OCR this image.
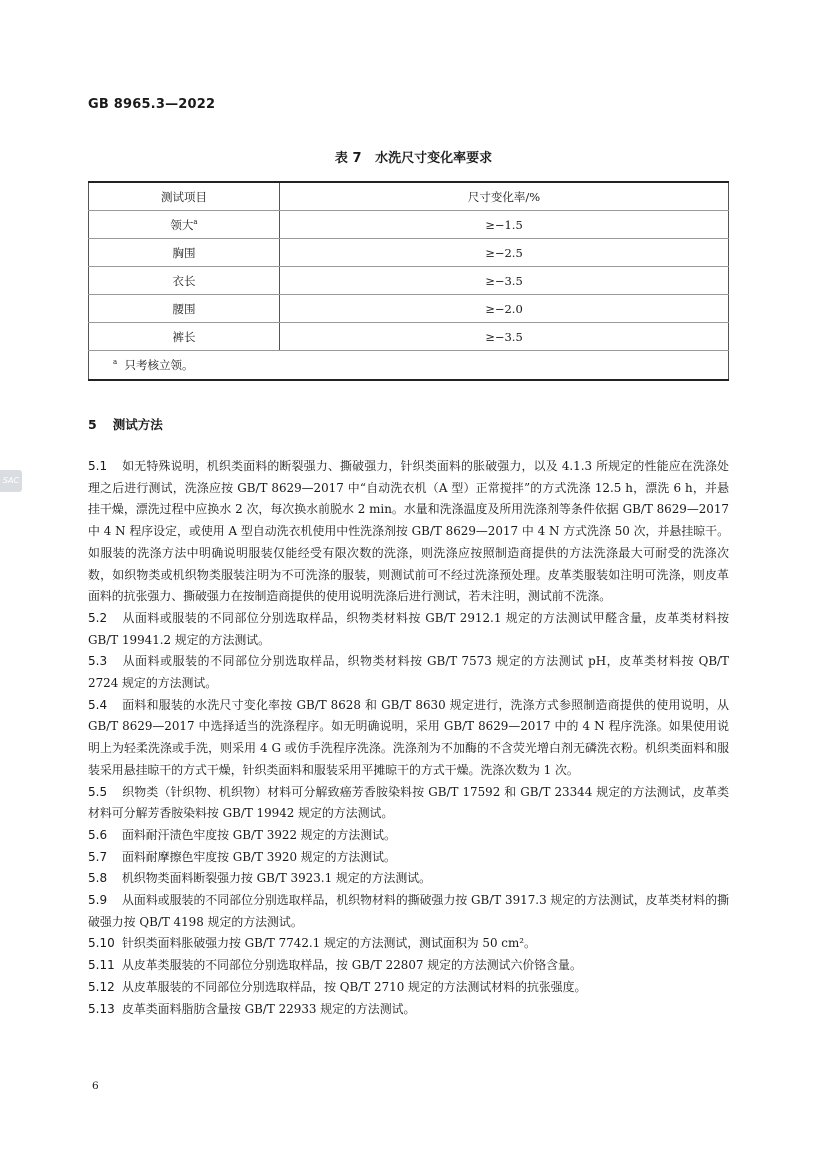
GB 8965.3—2022
表 7   水洗尺寸变化率要求
测试项目	尺寸变化率/%
领大$^a$	≥−1.5
胸围	≥−2.5
衣长	≥−3.5
腰围	≥−2.0
裤长	≥−3.5
$^a$ 只考核立领。	
5 测试方法
SAC

5.1 如无特殊说明，机织类面料的断裂强力、撕破强力，针织类面料的胀破强力，以及 4.1.3 所规定的性能应在洗涤处理之后进行测试，洗涤应按 GB/T 8629—2017 中“自动洗衣机（A 型）正常搅拌”的方式洗涤 12.5 h，漂洗 6 h，并悬挂干燥，漂洗过程中应换水 2 次，每次换水前脱水 2 min。水量和洗涤温度及所用洗涤剂等条件依据 GB/T 8629—2017 中 4 N 程序设定，或使用 A 型自动洗衣机使用中性洗涤剂按 GB/T 8629—2017 中 4 N 方式洗涤 50 次，并悬挂晾干。如服装的洗涤方法中明确说明服装仅能经受有限次数的洗涤，则洗涤应按照制造商提供的方法洗涤最大可耐受的洗涤次数，如织物类或机织物类服装注明为不可洗涤的服装，则测试前可不经过洗涤预处理。皮革类服装如注明可洗涤，则皮革面料的抗张强力、撕破强力在按制造商提供的使用说明洗涤后进行测试，若未注明，测试前不洗涤。

5.2 从面料或服装的不同部位分别选取样品，织物类材料按 GB/T 2912.1 规定的方法测试甲醛含量，皮革类材料按 GB/T 19941.2 规定的方法测试。

5.3 从面料或服装的不同部位分别选取样品，织物类材料按 GB/T 7573 规定的方法测试 pH，皮革类材料按 QB/T 2724 规定的方法测试。

5.4 面料和服装的水洗尺寸变化率按 GB/T 8628 和 GB/T 8630 规定进行，洗涤方式参照制造商提供的使用说明，从 GB/T 8629—2017 中选择适当的洗涤程序。如无明确说明，采用 GB/T 8629—2017 中的 4 N 程序洗涤。如果使用说明上为轻柔洗涤或手洗，则采用 4 G 或仿手洗程序洗涤。洗涤剂为不加酶的不含荧光增白剂无磷洗衣粉。机织类面料和服装采用悬挂晾干的方式干燥，针织类面料和服装采用平摊晾干的方式干燥。洗涤次数为 1 次。

5.5 织物类（针织物、机织物）材料可分解致癌芳香胺染料按 GB/T 17592 和 GB/T 23344 规定的方法测试，皮革类材料可分解芳香胺染料按 GB/T 19942 规定的方法测试。

5.6 面料耐汗渍色牢度按 GB/T 3922 规定的方法测试。

5.7 面料耐摩擦色牢度按 GB/T 3920 规定的方法测试。

5.8 机织物类面料断裂强力按 GB/T 3923.1 规定的方法测试。

5.9 从面料或服装的不同部位分别选取样品，机织物材料的撕破强力按 GB/T 3917.3 规定的方法测试，皮革类材料的撕破强力按 QB/T 4198 规定的方法测试。

5.10 针织类面料胀破强力按 GB/T 7742.1 规定的方法测试，测试面积为 50 cm²。

5.11 从皮革类服装的不同部位分别选取样品，按 GB/T 22807 规定的方法测试六价铬含量。

5.12 从皮革服装的不同部位分别选取样品，按 QB/T 2710 规定的方法测试材料的抗张强度。

5.13 皮革类面料脂肪含量按 GB/T 22933 规定的方法测试。

6
